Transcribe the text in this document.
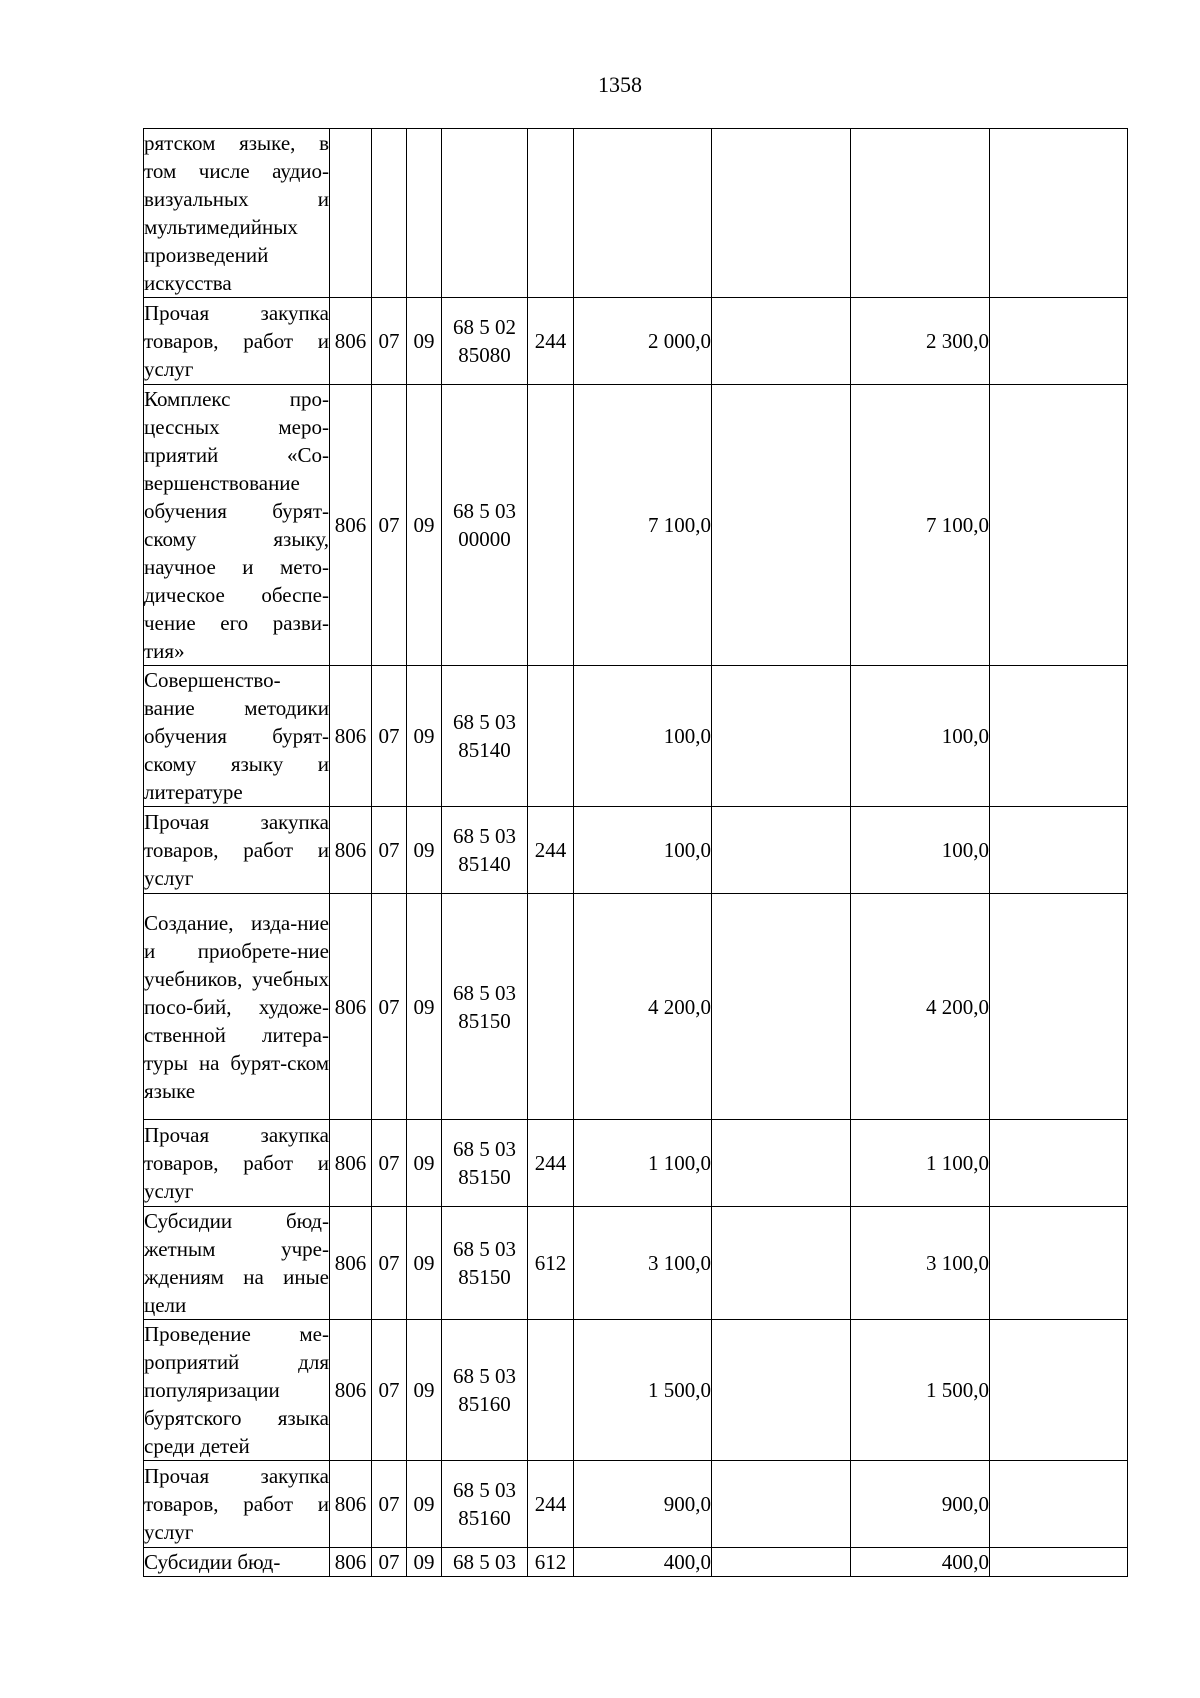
1358
рятском языке, в том числе аудио-визуальных и мультимедийных произведений искусства									

Прочая закупка товаров, работ и услуг	806	07	09	68 5 02 85080	244	2 000,0		2 300,0	

Комплекс про-цессных меро-приятий «Со-вершенствование обучения бурят-скому языку, научное и мето-дическое обеспе-чение его разви-тия»	806	07	09	68 5 03 00000		7 100,0		7 100,0	

Совершенство-вание методики обучения бурят-скому языку и литературе	806	07	09	68 5 03 85140		100,0		100,0	

Прочая закупка товаров, работ и услуг	806	07	09	68 5 03 85140	244	100,0		100,0	

Создание, изда-ние и приобрете-ние учебников, учебных посо-бий, художе-ственной литера-туры на бурят-ском языке	806	07	09	68 5 03 85150		4 200,0		4 200,0	

Прочая закупка товаров, работ и услуг	806	07	09	68 5 03 85150	244	1 100,0		1 100,0	

Субсидии бюд-жетным учре-ждениям на иные цели	806	07	09	68 5 03 85150	612	3 100,0		3 100,0	

Проведение ме-роприятий для популяризации бурятского языка среди детей	806	07	09	68 5 03 85160		1 500,0		1 500,0	

Прочая закупка товаров, работ и услуг	806	07	09	68 5 03 85160	244	900,0		900,0	

Субсидии бюд-	806	07	09	68 5 03	612	400,0		400,0	
